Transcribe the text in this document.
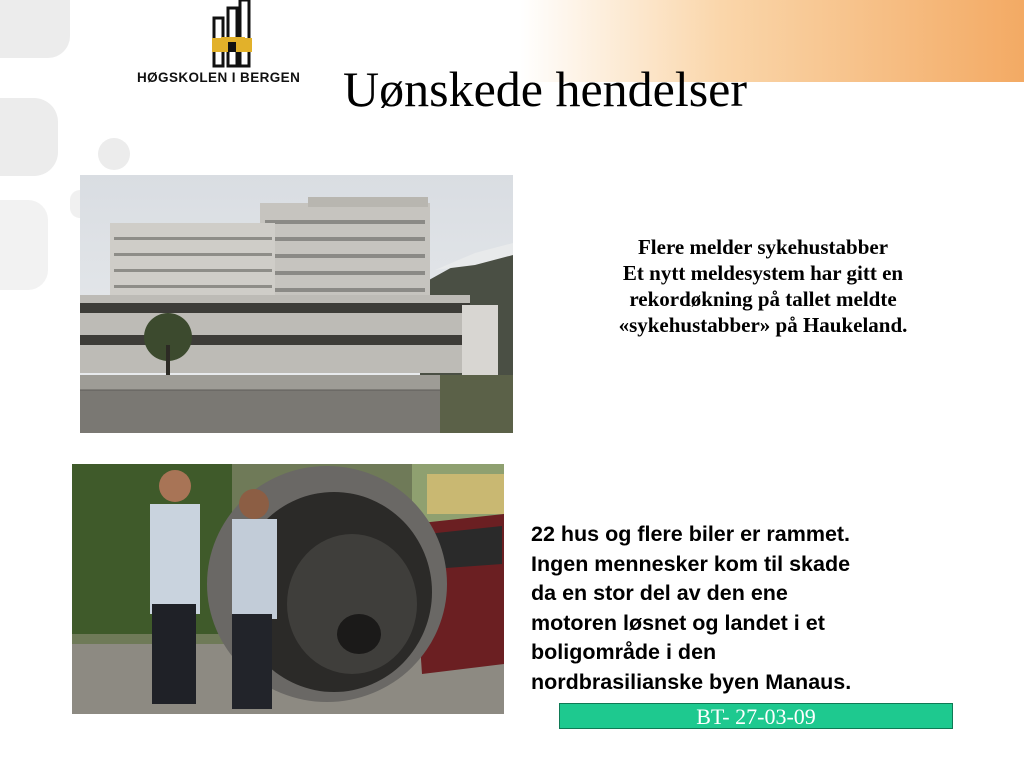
HØGSKOLEN I BERGEN Uønskede hendelser
Flere melder sykehustabber
Et nytt meldesystem har gitt en
rekordøkning på tallet meldte
«sykehustabber» på Haukeland.
22 hus og flere biler er rammet.
Ingen mennesker kom til skade
da en stor del av den ene
motoren løsnet og landet i et
boligområde i den
nordbrasilianske byen Manaus.
BT- 27-03-09
